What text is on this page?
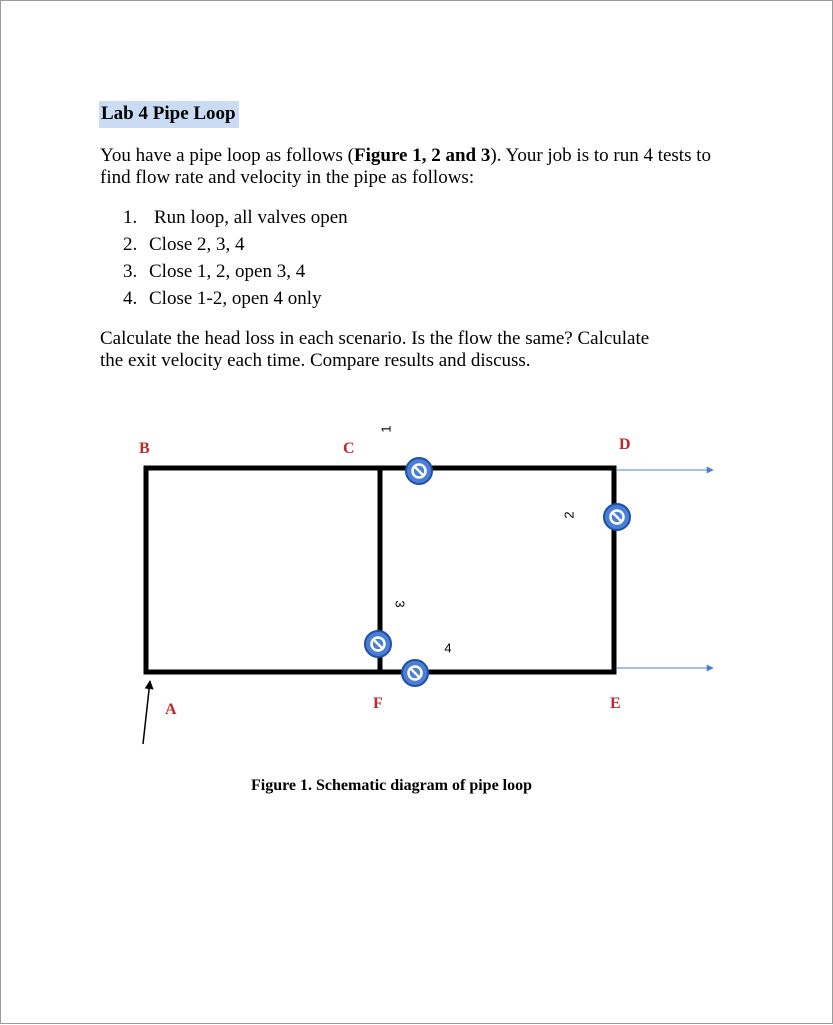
Lab 4 Pipe Loop

You have a pipe loop as follows (Figure 1, 2 and 3). Your job is to run 4 tests to find flow rate and velocity in the pipe as follows:

1. Run loop, all valves open
2. Close 2, 3, 4
3. Close 1, 2, open 3, 4
4. Close 1-2, open 4 only

Calculate the head loss in each scenario. Is the flow the same? Calculate the exit velocity each time. Compare results and discuss.

B	C	D
A	F	E
1
2
3
4

Figure 1. Schematic diagram of pipe loop
